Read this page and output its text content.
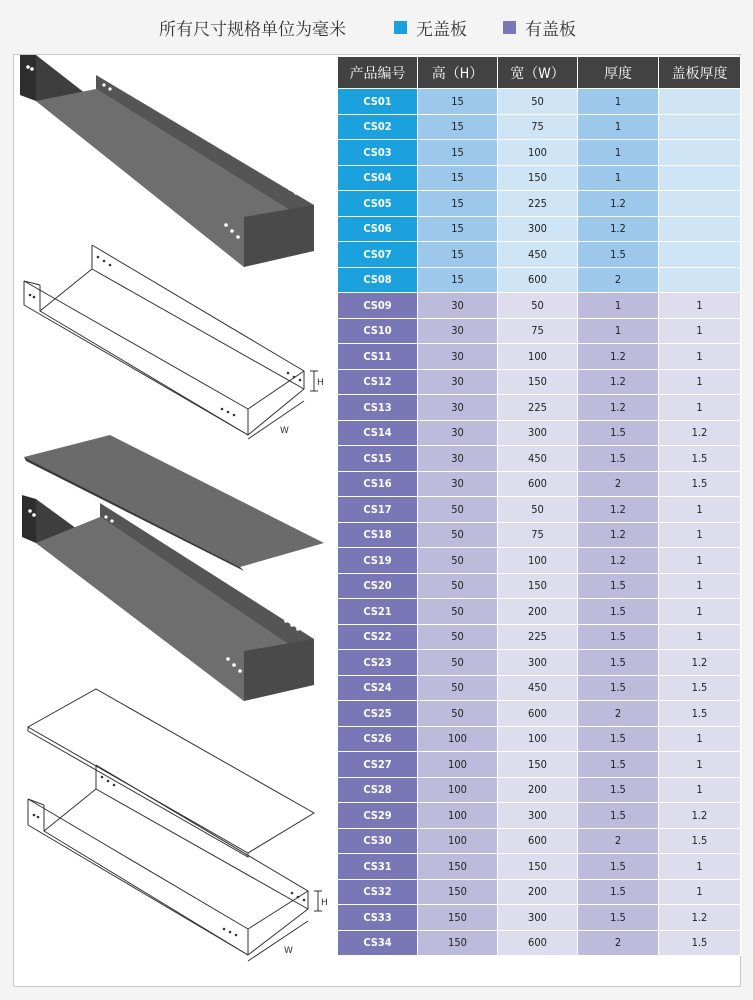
所有尺寸规格单位为毫米	无盖板	有盖板
H
W
H
W
产品编号	高（H）	宽（W）	厚度	盖板厚度
CS01	15	50	1	
CS02	15	75	1	
CS03	15	100	1	
CS04	15	150	1	
CS05	15	225	1.2	
CS06	15	300	1.2	
CS07	15	450	1.5	
CS08	15	600	2	
CS09	30	50	1	1
CS10	30	75	1	1
CS11	30	100	1.2	1
CS12	30	150	1.2	1
CS13	30	225	1.2	1
CS14	30	300	1.5	1.2
CS15	30	450	1.5	1.5
CS16	30	600	2	1.5
CS17	50	50	1.2	1
CS18	50	75	1.2	1
CS19	50	100	1.2	1
CS20	50	150	1.5	1
CS21	50	200	1.5	1
CS22	50	225	1.5	1
CS23	50	300	1.5	1.2
CS24	50	450	1.5	1.5
CS25	50	600	2	1.5
CS26	100	100	1.5	1
CS27	100	150	1.5	1
CS28	100	200	1.5	1
CS29	100	300	1.5	1.2
CS30	100	600	2	1.5
CS31	150	150	1.5	1
CS32	150	200	1.5	1
CS33	150	300	1.5	1.2
CS34	150	600	2	1.5
